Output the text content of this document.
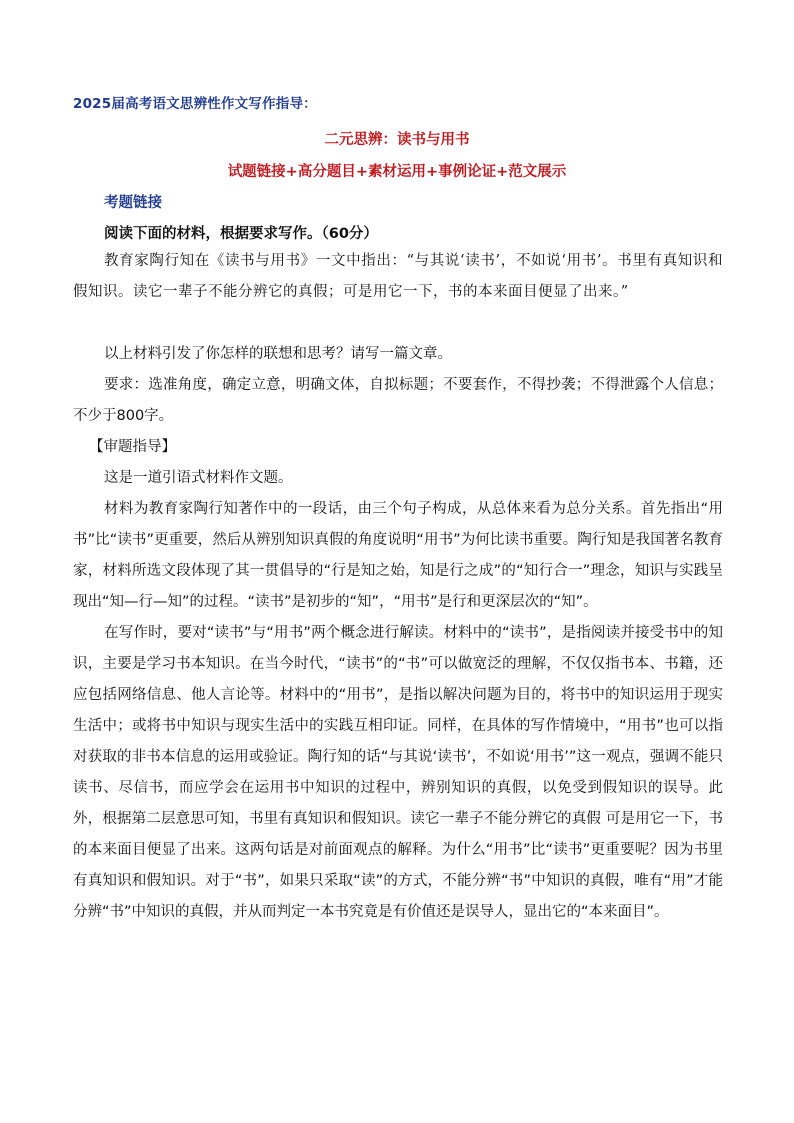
2025届高考语文思辨性作文写作指导：
二元思辨：读书与用书
试题链接+高分题目+素材运用+事例论证+范文展示
考题链接
阅读下面的材料，根据要求写作。（60分）

教育家陶行知在《读书与用书》一文中指出：“与其说‘读书’，不如说‘用书’。书里有真知识和假知识。读它一辈子不能分辨它的真假；可是用它一下，书的本来面目便显了出来。”

以上材料引发了你怎样的联想和思考？请写一篇文章。

要求：选准角度，确定立意，明确文体，自拟标题；不要套作，不得抄袭；不得泄露个人信息；不少于800字。

【审题指导】

这是一道引语式材料作文题。

材料为教育家陶行知著作中的一段话，由三个句子构成，从总体来看为总分关系。首先指出“用书”比“读书”更重要，然后从辨别知识真假的角度说明“用书”为何比读书重要。陶行知是我国著名教育家，材料所选文段体现了其一贯倡导的“行是知之始，知是行之成”的“知行合一”理念，知识与实践呈现出“知—行—知”的过程。“读书”是初步的“知”，“用书”是行和更深层次的“知”。

在写作时，要对“读书”与“用书”两个概念进行解读。材料中的“读书”，是指阅读并接受书中的知识，主要是学习书本知识。在当今时代，“读书”的“书”可以做宽泛的理解，不仅仅指书本、书籍，还应包括网络信息、他人言论等。材料中的“用书”，是指以解决问题为目的，将书中的知识运用于现实生活中；或将书中知识与现实生活中的实践互相印证。同样，在具体的写作情境中，“用书”也可以指对获取的非书本信息的运用或验证。陶行知的话“与其说‘读书’，不如说‘用书’”这一观点，强调不能只读书、尽信书，而应学会在运用书中知识的过程中，辨别知识的真假，以免受到假知识的误导。此外，根据第二层意思可知，书里有真知识和假知识。读它一辈子不能分辨它的真假 可是用它一下，书的本来面目便显了出来。这两句话是对前面观点的解释。为什么“用书”比“读书”更重要呢？因为书里有真知识和假知识。对于“书”，如果只采取“读”的方式，不能分辨“书”中知识的真假，唯有“用”才能分辨“书”中知识的真假，并从而判定一本书究竟是有价值还是误导人，显出它的“本来面目”。
